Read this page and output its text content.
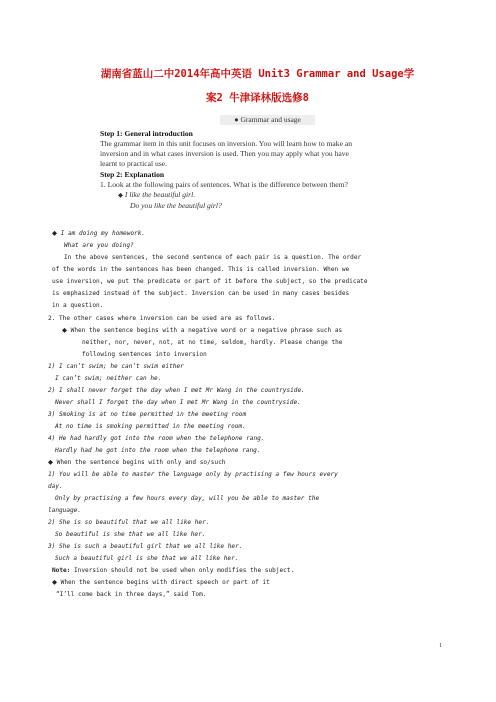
湖南省蓝山二中2014年高中英语 Unit3 Grammar and Usage学
案2 牛津译林版选修8
● Grammar and usage
Step 1: General introduction
The grammar item in this unit focuses on inversion. You will learn how to make an
inversion and in what cases inversion is used. Then you may apply what you have
learnt to practical use.
Step 2: Explanation
1. Look at the following pairs of sentences. What is the difference between them?
◆ I like the beautiful girl.
Do you like the beautiful girl?
◆ I am doing my homework.
What are you doing?
In the above sentences, the second sentence of each pair is a question. The order
of the words in the sentences has been changed. This is called inversion. When we
use inversion, we put the predicate or part of it before the subject, so the predicate
is emphasized instead of the subject. Inversion can be used in many cases besides
in a question.
2. The other cases where inversion can be used are as follows.
◆ When the sentence begins with a negative word or a negative phrase such as
neither, nor, never, not, at no time, seldom, hardly. Please change the
following sentences into inversion
1) I can’t swim; he can’t swim either
I can’t swim; neither can he.
2) I shall never forget the day when I met Mr Wang in the countryside.
Never shall I forget the day when I met Mr Wang in the countryside.
3) Smoking is at no time permitted in the meeting room
At no time is smoking permitted in the meeting room.
4) He had hardly got into the room when the telephone rang.
Hardly had he got into the room when the telephone rang.
◆ When the sentence begins with only and so/such
1) You will be able to master the language only by practising a few hours every
day.
Only by practising a few hours every day, will you be able to master the
language.
2) She is so beautiful that we all like her.
So beautiful is she that we all like her.
3) She is such a beautiful girl that we all like her.
Such a beautiful girl is she that we all like her.
Note: Inversion should not be used when only modifies the subject.
◆ When the sentence begins with direct speech or part of it
“I’ll come back in three days,” said Tom.
1
